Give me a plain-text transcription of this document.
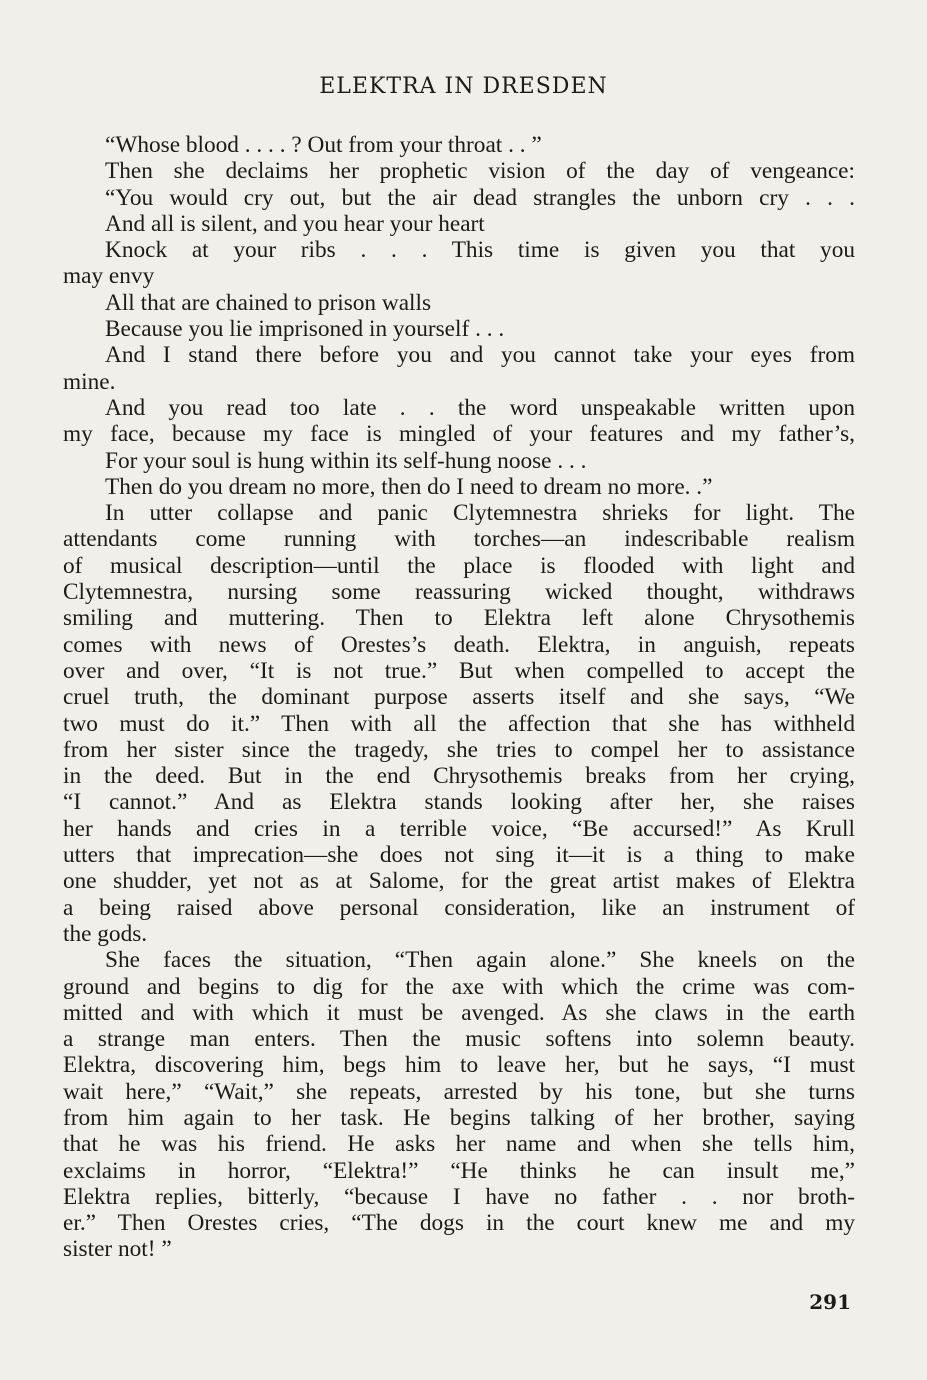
ELEKTRA IN DRESDEN
“Whose blood . . . . ? Out from your throat . . ”
Then she declaims her prophetic vision of the day of vengeance:
“You would cry out, but the air dead strangles the unborn cry . . .
And all is silent, and you hear your heart
Knock at your ribs . . . This time is given you that you
may envy
All that are chained to prison walls
Because you lie imprisoned in yourself . . .
And I stand there before you and you cannot take your eyes from
mine.
And you read too late . . the word unspeakable written upon
my face, because my face is mingled of your features and my father’s,
For your soul is hung within its self-hung noose . . .
Then do you dream no more, then do I need to dream no more. .”
In utter collapse and panic Clytemnestra shrieks for light. The
attendants come running with torches—an indescribable realism
of musical description—until the place is flooded with light and
Clytemnestra, nursing some reassuring wicked thought, withdraws
smiling and muttering. Then to Elektra left alone Chrysothemis
comes with news of Orestes’s death. Elektra, in anguish, repeats
over and over, “It is not true.” But when compelled to accept the
cruel truth, the dominant purpose asserts itself and she says, “We
two must do it.” Then with all the affection that she has withheld
from her sister since the tragedy, she tries to compel her to assistance
in the deed. But in the end Chrysothemis breaks from her crying,
“I cannot.” And as Elektra stands looking after her, she raises
her hands and cries in a terrible voice, “Be accursed!” As Krull
utters that imprecation—she does not sing it—it is a thing to make
one shudder, yet not as at Salome, for the great artist makes of Elektra
a being raised above personal consideration, like an instrument of
the gods.
She faces the situation, “Then again alone.” She kneels on the
ground and begins to dig for the axe with which the crime was com-
mitted and with which it must be avenged. As she claws in the earth
a strange man enters. Then the music softens into solemn beauty.
Elektra, discovering him, begs him to leave her, but he says, “I must
wait here,” “Wait,” she repeats, arrested by his tone, but she turns
from him again to her task. He begins talking of her brother, saying
that he was his friend. He asks her name and when she tells him,
exclaims in horror, “Elektra!” “He thinks he can insult me,”
Elektra replies, bitterly, “because I have no father . . nor broth-
er.” Then Orestes cries, “The dogs in the court knew me and my
sister not! ”
291
